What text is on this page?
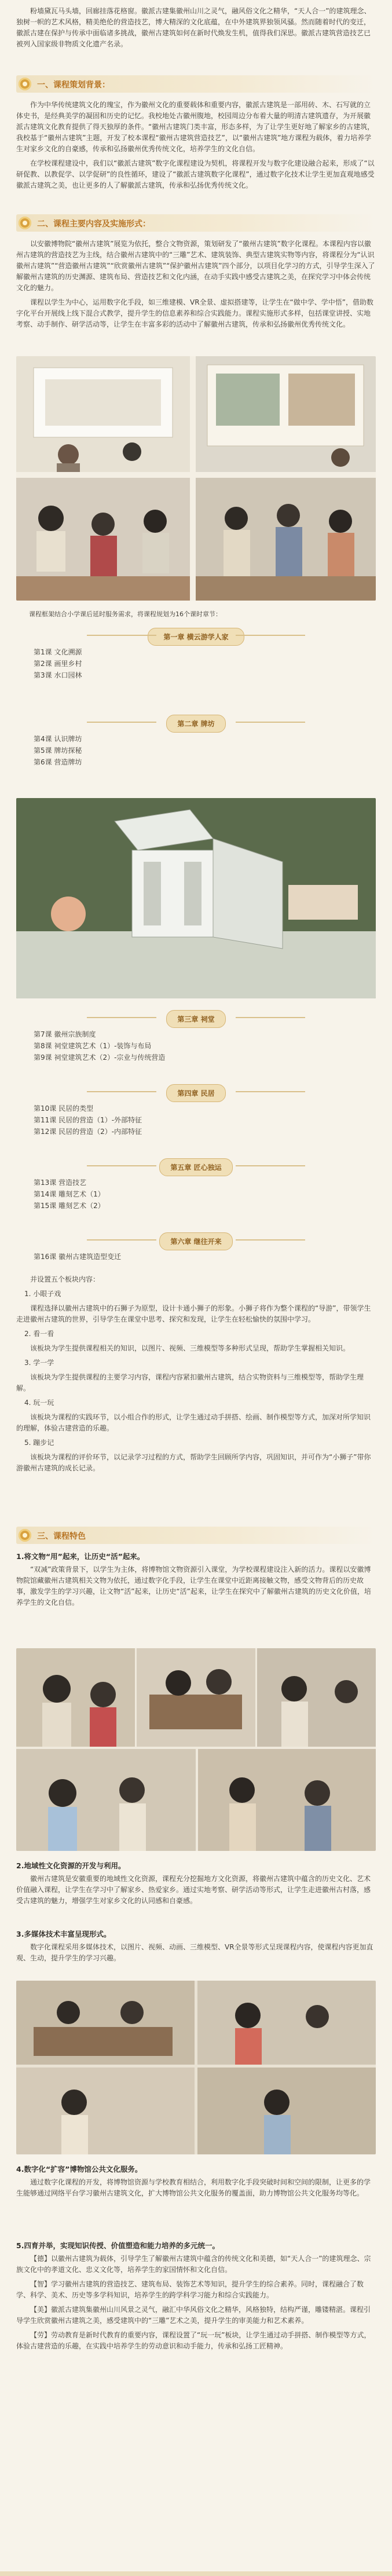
粉墙黛瓦马头墙，回廊挂落花格窗。徽派古建集徽州山川之灵气，融风俗文化之精华，“天人合一”的建筑理念、独树一帜的艺术风格，精美绝伦的营造技艺，博大精深的文化底蕴，在中外建筑界独领风骚。然而随着时代的变迁，徽派古建在保护与传承中面临诸多挑战，徽州古建筑如何在新时代焕发生机，值得我们深思。徽派古建筑营造技艺已被列入国家级非物质文化遗产名录。

一、课程策划背景：

作为中华传统建筑文化的瑰宝，作为徽州文化的重要载体和重要内容，徽派古建筑是一部用砖、木、石写就的立体史书，是经典美学的凝固和历史的记忆。我校地处古徽州腹地，校园周边分布着大量的明清古建筑遗存，为开展徽派古建筑文化教育提供了得天独厚的条件。“徽州古建筑门类丰富，形态多样，为了让学生更好地了解家乡的古建筑，我校基于“徽州古建筑”主题，开发了校本课程“徽州古建筑营造技艺”，以“徽州古建筑”地方课程为载体，着力培养学生对家乡文化的自豪感，传承和弘扬徽州优秀传统文化，培养学生的文化自信。

在学校课程建设中，我们以“徽派古建筑”数字化课程建设为契机，将课程开发与数字化建设融合起来，形成了“以研促教、以教促学、以学促研”的良性循环，建设了“徽派古建筑数字化课程”，通过数字化技术让学生更加直观地感受徽派古建筑之美，也让更多的人了解徽派古建筑，传承和弘扬优秀传统文化。

二、课程主要内容及实施形式：

以安徽博物院“徽州古建筑”展览为依托，整合文物资源，策划研发了“徽州古建筑”数字化课程。本课程内容以徽州古建筑的营造技艺为主线，结合徽州古建筑中的“三雕”艺术、建筑装饰、典型古建筑实物等内容，将课程分为“认识徽州古建筑”“营造徽州古建筑”“欣赏徽州古建筑”“保护徽州古建筑”四个部分，以项目化学习的方式，引导学生深入了解徽州古建筑的历史渊源、建筑布局、营造技艺和文化内涵，在动手实践中感受古建筑之美，在探究学习中体会传统文化的魅力。

课程以学生为中心，运用数字化手段，如三维建模、VR全景、虚拟搭建等，让学生在“做中学、学中悟”，借助数字化平台开展线上线下混合式教学，提升学生的信息素养和综合实践能力。课程实施形式多样，包括课堂讲授、实地考察、动手制作、研学活动等，让学生在丰富多彩的活动中了解徽州古建筑，传承和弘扬徽州优秀传统文化。

课程框架结合小学课后延时服务需求，将课程规划为16个课时章节：

第一章 横云游学人家
第1课 文化溯源
第2课 画里乡村
第3课 水口园林
第二章 牌坊
第4课 认识牌坊
第5课 牌坊探秘
第6课 营造牌坊
第三章 祠堂
第7课 徽州宗族制度
第8课 祠堂建筑艺术（1）-装饰与布局
第9课 祠堂建筑艺术（2）-宗业与传统营造
第四章 民居
第10课 民居的类型
第11课 民居的营造（1）-外部特征
第12课 民居的营造（2）-内部特征
第五章 匠心独运
第13课 营造技艺
第14课 雕刻艺术（1）
第15课 雕刻艺术（2）
第六章 继往开来
第16课 徽州古建筑造型变迁

并设置五个板块内容：

1. 小眼子戏

课程选择以徽州古建筑中的石狮子为原型，设计卡通小狮子的形象。小狮子将作为整个课程的“导游”，带领学生走进徽州古建筑的世界，引导学生在课堂中思考、探究和发现，让学生在轻松愉快的氛围中学习。

2. 看一看

该板块为学生提供课程相关的知识，以图片、视频、三维模型等多种形式呈现，帮助学生掌握相关知识。

3. 学一学

该板块为学生提供课程的主要学习内容，课程内容紧扣徽州古建筑，结合实物资料与三维模型等，帮助学生理解。

4. 玩一玩

该板块为课程的实践环节，以小组合作的形式，让学生通过动手拼搭、绘画、制作模型等方式，加深对所学知识的理解，体验古建营造的乐趣。

5. 蹦步记

该板块为课程的评价环节，以记录学习过程的方式，帮助学生回顾所学内容，巩固知识，并可作为“小狮子”带你游徽州古建筑的成长记录。

三、课程特色

1.将文物“用”起来，让历史“活”起来。

“双减”政策背景下，以学生为主体，将博物馆文物资源引入课堂，为学校课程建设注入新的活力。课程以安徽博物院馆藏徽州古建筑相关文物为依托，通过数字化手段，让学生在课堂中近距离接触文物，感受文物背后的历史故事，激发学生的学习兴趣，让文物“活”起来，让历史“活”起来，让学生在探究中了解徽州古建筑的历史文化价值，培养学生的文化自信。

2.地域性文化资源的开发与利用。

徽州古建筑是安徽重要的地域性文化资源，课程充分挖掘地方文化资源，将徽州古建筑中蕴含的历史文化、艺术价值融入课程，让学生在学习中了解家乡、热爱家乡。通过实地考察、研学活动等形式，让学生走进徽州古村落，感受古建筑的魅力，增强学生对家乡文化的认同感和自豪感。

3.多媒体技术丰富呈现形式。

数字化课程采用多媒体技术，以图片、视频、动画、三维模型、VR全景等形式呈现课程内容，使课程内容更加直观、生动，提升学生的学习兴趣。

4.数字化“扩容”博物馆公共文化服务。

通过数字化课程的开发，将博物馆资源与学校教育相结合，利用数字化手段突破时间和空间的限制，让更多的学生能够通过网络平台学习徽州古建筑文化，扩大博物馆公共文化服务的覆盖面，助力博物馆公共文化服务均等化。

5.四育并举，实现知识传授、价值塑造和能力培养的多元统一。

【德】以徽州古建筑为载体，引导学生了解徽州古建筑中蕴含的传统文化和美德，如“天人合一”的建筑理念、宗族文化中的孝道文化、忠义文化等，培养学生的家国情怀和文化自信。

【智】学习徽州古建筑的营造技艺、建筑布局、装饰艺术等知识，提升学生的综合素养。同时，课程融合了数学、科学、美术、历史等多学科知识，培养学生的跨学科学习能力和综合实践能力。

【美】徽派古建筑集徽州山川风景之灵气，融汇中华风俗文化之精华，风格独特，结构严谨，雕镂精湛。课程引导学生欣赏徽州古建筑之美，感受建筑中的“三雕”艺术之美，提升学生的审美能力和艺术素养。

【劳】劳动教育是新时代教育的重要内容，课程设置了“玩一玩”板块，让学生通过动手拼搭、制作模型等方式，体验古建营造的乐趣，在实践中培养学生的劳动意识和动手能力，传承和弘扬工匠精神。
